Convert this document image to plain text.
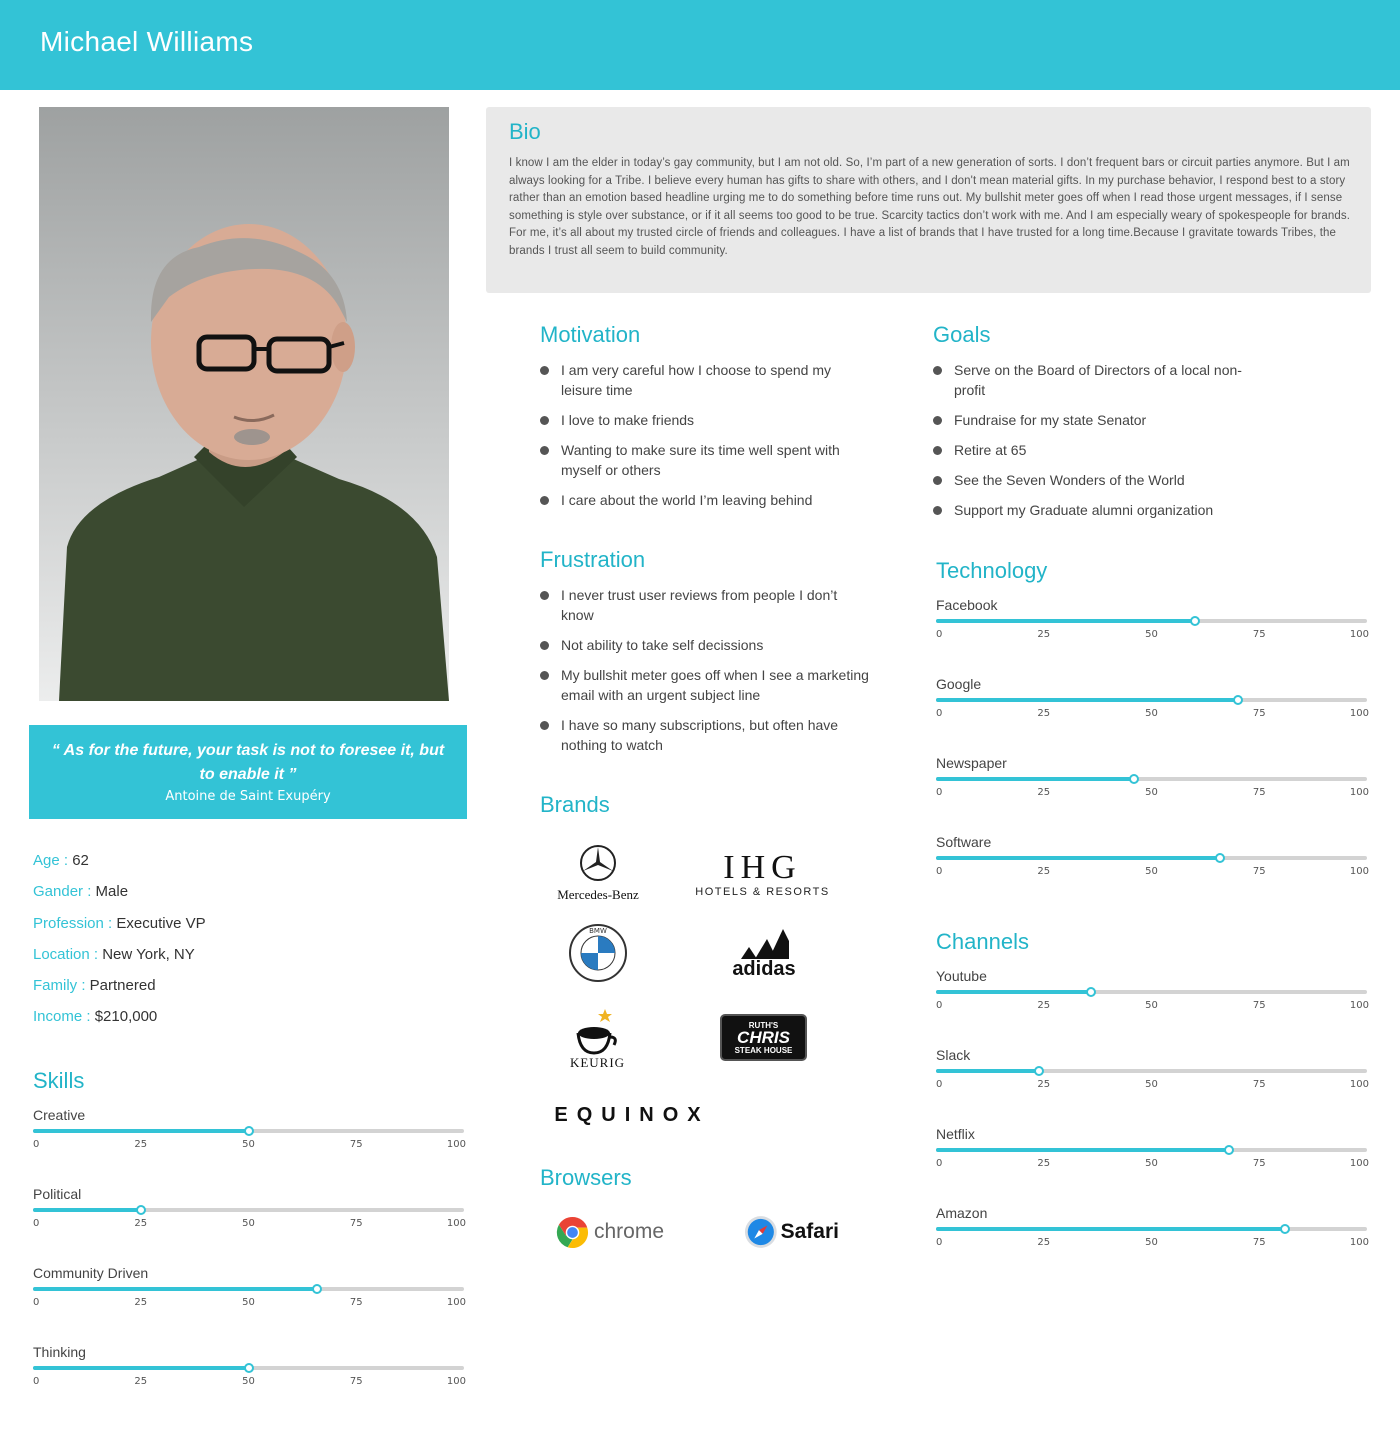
Michael Williams
“ As for the future, your task is not to foresee it, but to enable it ”
Antoine de Saint Exupéry
Age : 62
Gander : Male
Profession : Executive VP
Location : New York, NY
Family : Partnered
Income : $210,000
Skills
Creative
0	25	50	75	100
Political
0	25	50	75	100
Community Driven
0	25	50	75	100
Thinking
0	25	50	75	100
Bio
I know I am the elder in today’s gay community, but I am not old. So, I’m part of a new generation of sorts. I don’t frequent bars or circuit parties anymore. But I am always looking for a Tribe. I believe every human has gifts to share with others, and I don't mean material gifts. In my purchase behavior, I respond best to a story rather than an emotion based headline urging me to do something before time runs out. My bullshit meter goes off when I read those urgent messages, if I sense something is style over substance, or if it all seems too good to be true. Scarcity tactics don’t work with me. And I am especially weary of spokespeople for brands. For me, it’s all about my trusted circle of friends and colleagues. I have a list of brands that I have trusted for a long time.Because I gravitate towards Tribes, the brands I trust all seem to build community.
Motivation
I am very careful how I choose to spend my leisure time
I love to make friends
Wanting to make sure its time well spent with myself or others
I care about the world I’m leaving behind
Frustration
I never trust user reviews from people I don’t know
Not ability to take self decissions
My bullshit meter goes off when I see a marketing email with an urgent subject line
I have so many subscriptions, but often have nothing to watch
Goals
Serve on the Board of Directors of a local non-profit
Fundraise for my state Senator
Retire at 65
See the Seven Wonders of the World
Support my Graduate alumni organization
Brands
Mercedes-Benz
IHG
HOTELS & RESORTS
BMW
adidas
KEURIG
RUTH'S
CHRIS
STEAK HOUSE
EQUINOX
Browsers
chrome	Safari
Technology
Facebook
0	25	50	75	100
Google
0	25	50	75	100
Newspaper
0	25	50	75	100
Software
0	25	50	75	100
Channels
Youtube
0	25	50	75	100
Slack
0	25	50	75	100
Netflix
0	25	50	75	100
Amazon
0	25	50	75	100
